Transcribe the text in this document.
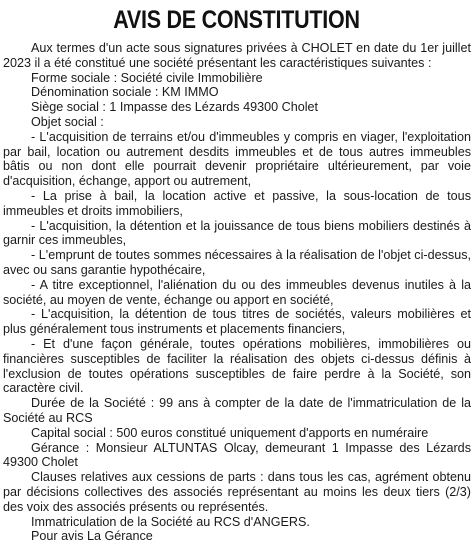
AVIS DE CONSTITUTION

Aux termes d'un acte sous signatures privées à CHOLET en date du 1er juillet 2023 il a été constitué une société présentant les caractéristiques suivantes :

Forme sociale : Société civile Immobilière

Dénomination sociale : KM IMMO

Siège social : 1 Impasse des Lézards 49300 Cholet

Objet social :

- L'acquisition de terrains et/ou d'immeubles y compris en viager, l'exploitation par bail, location ou autrement desdits immeubles et de tous autres immeubles bâtis ou non dont elle pourrait devenir propriétaire ultérieurement, par voie d'acquisition, échange, apport ou autrement,

- La prise à bail, la location active et passive, la sous-location de tous immeubles et droits immobiliers,

- L'acquisition, la détention et la jouissance de tous biens mobiliers destinés à garnir ces immeubles,

- L'emprunt de toutes sommes nécessaires à la réalisation de l'objet ci-dessus, avec ou sans garantie hypothécaire,

- A titre exceptionnel, l'aliénation du ou des immeubles devenus inutiles à la société, au moyen de vente, échange ou apport en société,

- L'acquisition, la détention de tous titres de sociétés, valeurs mobilières et plus généralement tous instruments et placements financiers,

- Et d'une façon générale, toutes opérations mobilières, immobilières ou financières susceptibles de faciliter la réalisation des objets ci-dessus définis à l'exclusion de toutes opérations susceptibles de faire perdre à la Société, son caractère civil.

Durée de la Société : 99 ans à compter de la date de l'immatriculation de la Société au RCS

Capital social : 500 euros constitué uniquement d'apports en numéraire

Gérance : Monsieur ALTUNTAS Olcay, demeurant 1 Impasse des Lézards 49300 Cholet

Clauses relatives aux cessions de parts : dans tous les cas, agrément obtenu par décisions collectives des associés représentant au moins les deux tiers (2/3) des voix des associés présents ou représentés.

Immatriculation de la Société au RCS d'ANGERS.

Pour avis La Gérance
